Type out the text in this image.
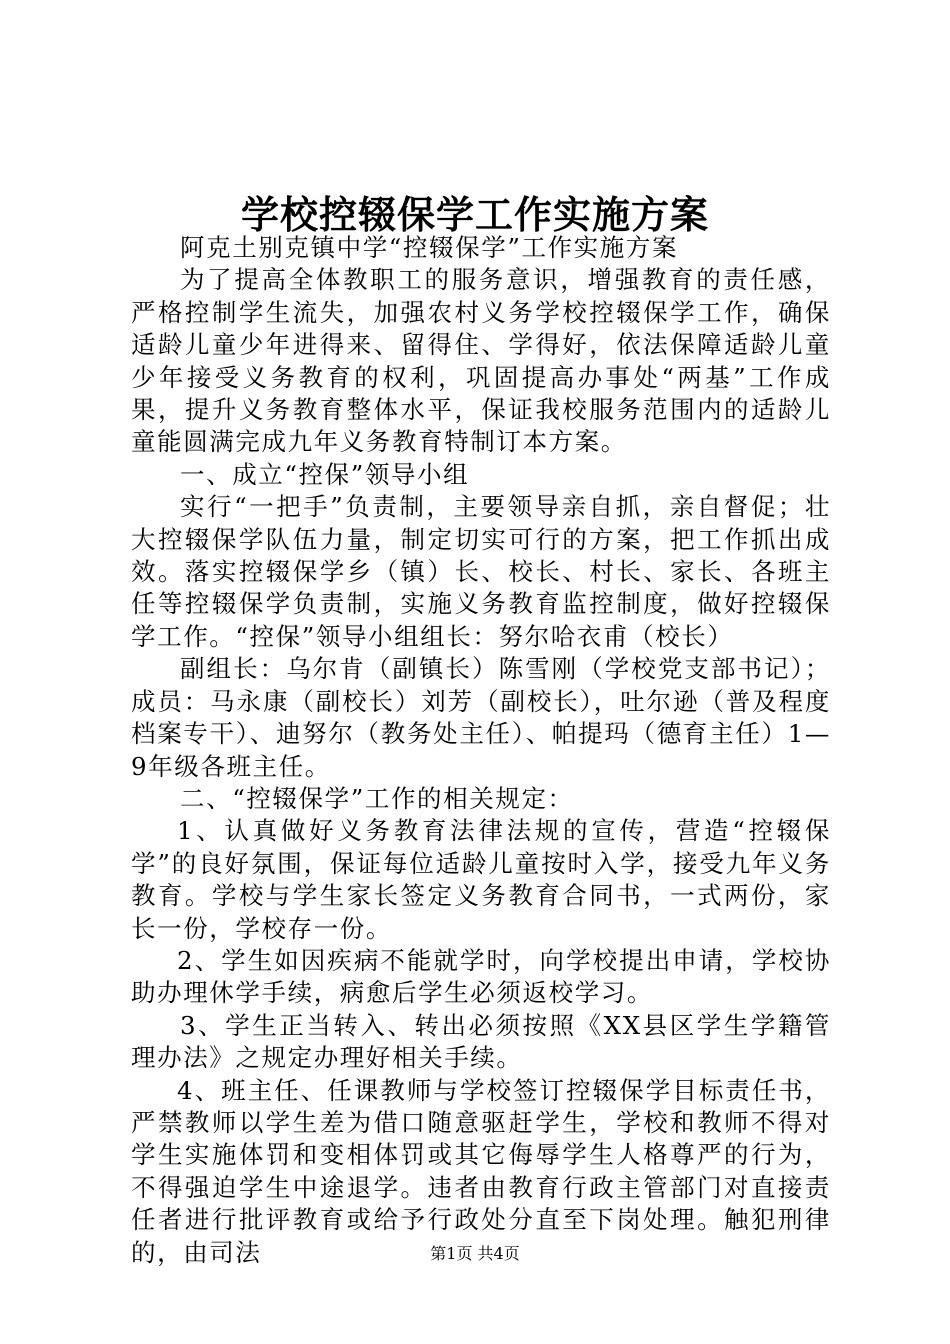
学校控辍保学工作实施方案

阿克土别克镇中学“控辍保学”工作实施方案

为了提高全体教职工的服务意识，增强教育的责任感，严格控制学生流失，加强农村义务学校控辍保学工作，确保适龄儿童少年进得来、留得住、学得好，依法保障适龄儿童少年接受义务教育的权利，巩固提高办事处“两基”工作成果，提升义务教育整体水平，保证我校服务范围内的适龄儿童能圆满完成九年义务教育特制订本方案。

一、成立“控保”领导小组

实行“一把手”负责制，主要领导亲自抓，亲自督促；壮大控辍保学队伍力量，制定切实可行的方案，把工作抓出成效。落实控辍保学乡（镇）长、校长、村长、家长、各班主任等控辍保学负责制，实施义务教育监控制度，做好控辍保学工作。“控保”领导小组组长：努尔哈衣甫（校长）

副组长：乌尔肯（副镇长）陈雪刚（学校党支部书记）；成员：马永康（副校长）刘芳（副校长），吐尔逊（普及程度档案专干）、迪努尔（教务处主任）、帕提玛（德育主任）1—9年级各班主任。

二、“控辍保学”工作的相关规定：

1、认真做好义务教育法律法规的宣传，营造“控辍保学”的良好氛围，保证每位适龄儿童按时入学，接受九年义务教育。学校与学生家长签定义务教育合同书，一式两份，家长一份，学校存一份。

2、学生如因疾病不能就学时，向学校提出申请，学校协助办理休学手续，病愈后学生必须返校学习。

3、学生正当转入、转出必须按照《XX县区学生学籍管理办法》之规定办理好相关手续。

4、班主任、任课教师与学校签订控辍保学目标责任书，严禁教师以学生差为借口随意驱赶学生，学校和教师不得对学生实施体罚和变相体罚或其它侮辱学生人格尊严的行为，不得强迫学生中途退学。违者由教育行政主管部门对直接责任者进行批评教育或给予行政处分直至下岗处理。触犯刑律的，由司法	第1页 共4页
